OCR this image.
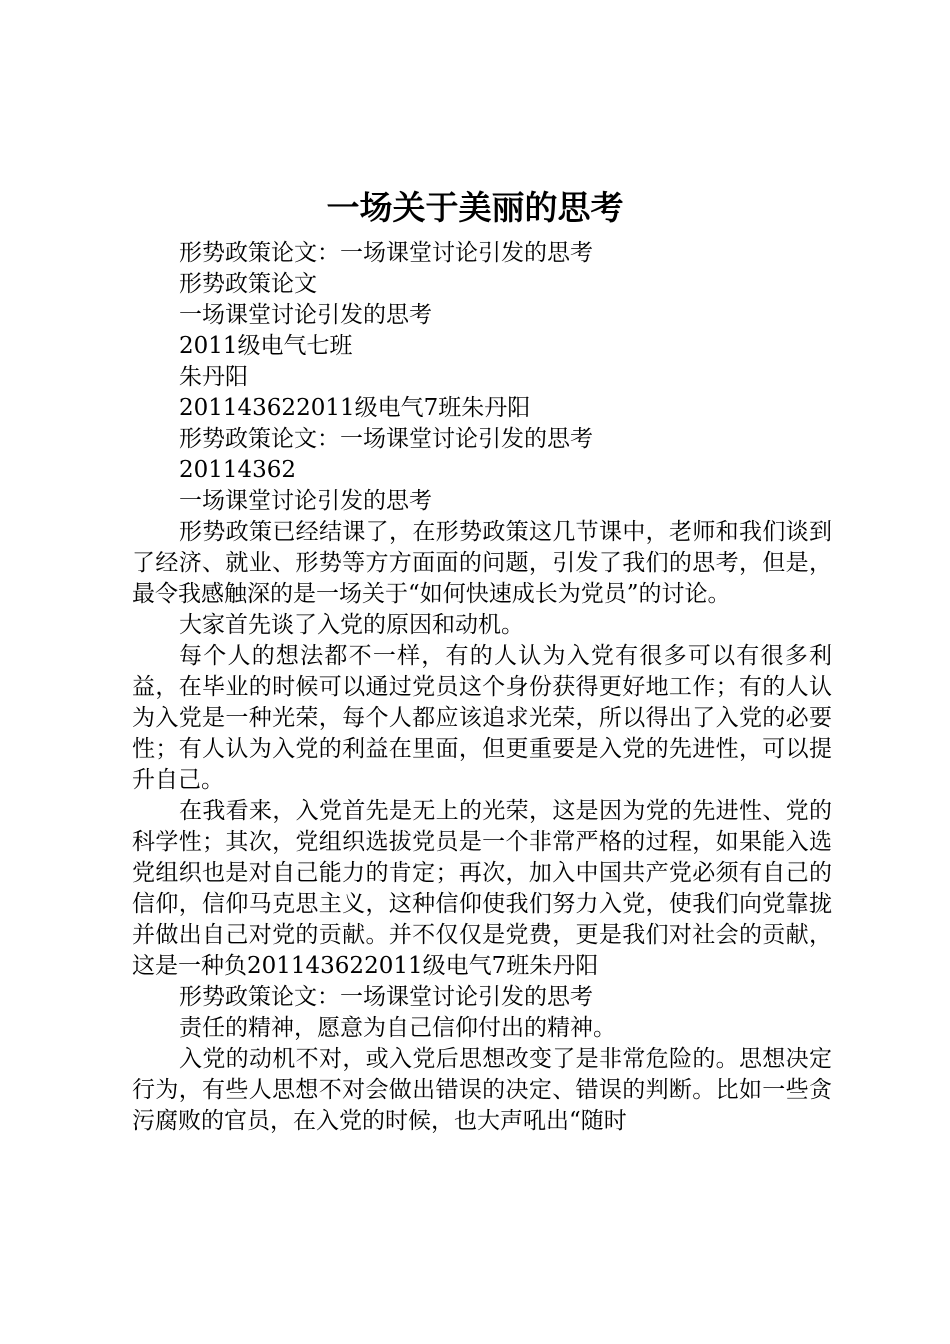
一场关于美丽的思考

形势政策论文：一场课堂讨论引发的思考

形势政策论文

一场课堂讨论引发的思考

2011级电气七班

朱丹阳

201143622011级电气7班朱丹阳

形势政策论文：一场课堂讨论引发的思考

20114362

一场课堂讨论引发的思考

形势政策已经结课了，在形势政策这几节课中，老师和我们谈到了经济、就业、形势等方方面面的问题，引发了我们的思考，但是，最令我感触深的是一场关于“如何快速成长为党员”的讨论。

大家首先谈了入党的原因和动机。

每个人的想法都不一样，有的人认为入党有很多可以有很多利益，在毕业的时候可以通过党员这个身份获得更好地工作；有的人认为入党是一种光荣，每个人都应该追求光荣，所以得出了入党的必要性；有人认为入党的利益在里面，但更重要是入党的先进性，可以提升自己。

在我看来，入党首先是无上的光荣，这是因为党的先进性、党的科学性；其次，党组织选拔党员是一个非常严格的过程，如果能入选党组织也是对自己能力的肯定；再次，加入中国共产党必须有自己的信仰，信仰马克思主义，这种信仰使我们努力入党，使我们向党靠拢并做出自己对党的贡献。并不仅仅是党费，更是我们对社会的贡献，这是一种负201143622011级电气7班朱丹阳

形势政策论文：一场课堂讨论引发的思考

责任的精神，愿意为自己信仰付出的精神。

入党的动机不对，或入党后思想改变了是非常危险的。思想决定行为，有些人思想不对会做出错误的决定、错误的判断。比如一些贪污腐败的官员，在入党的时候，也大声吼出“随时
